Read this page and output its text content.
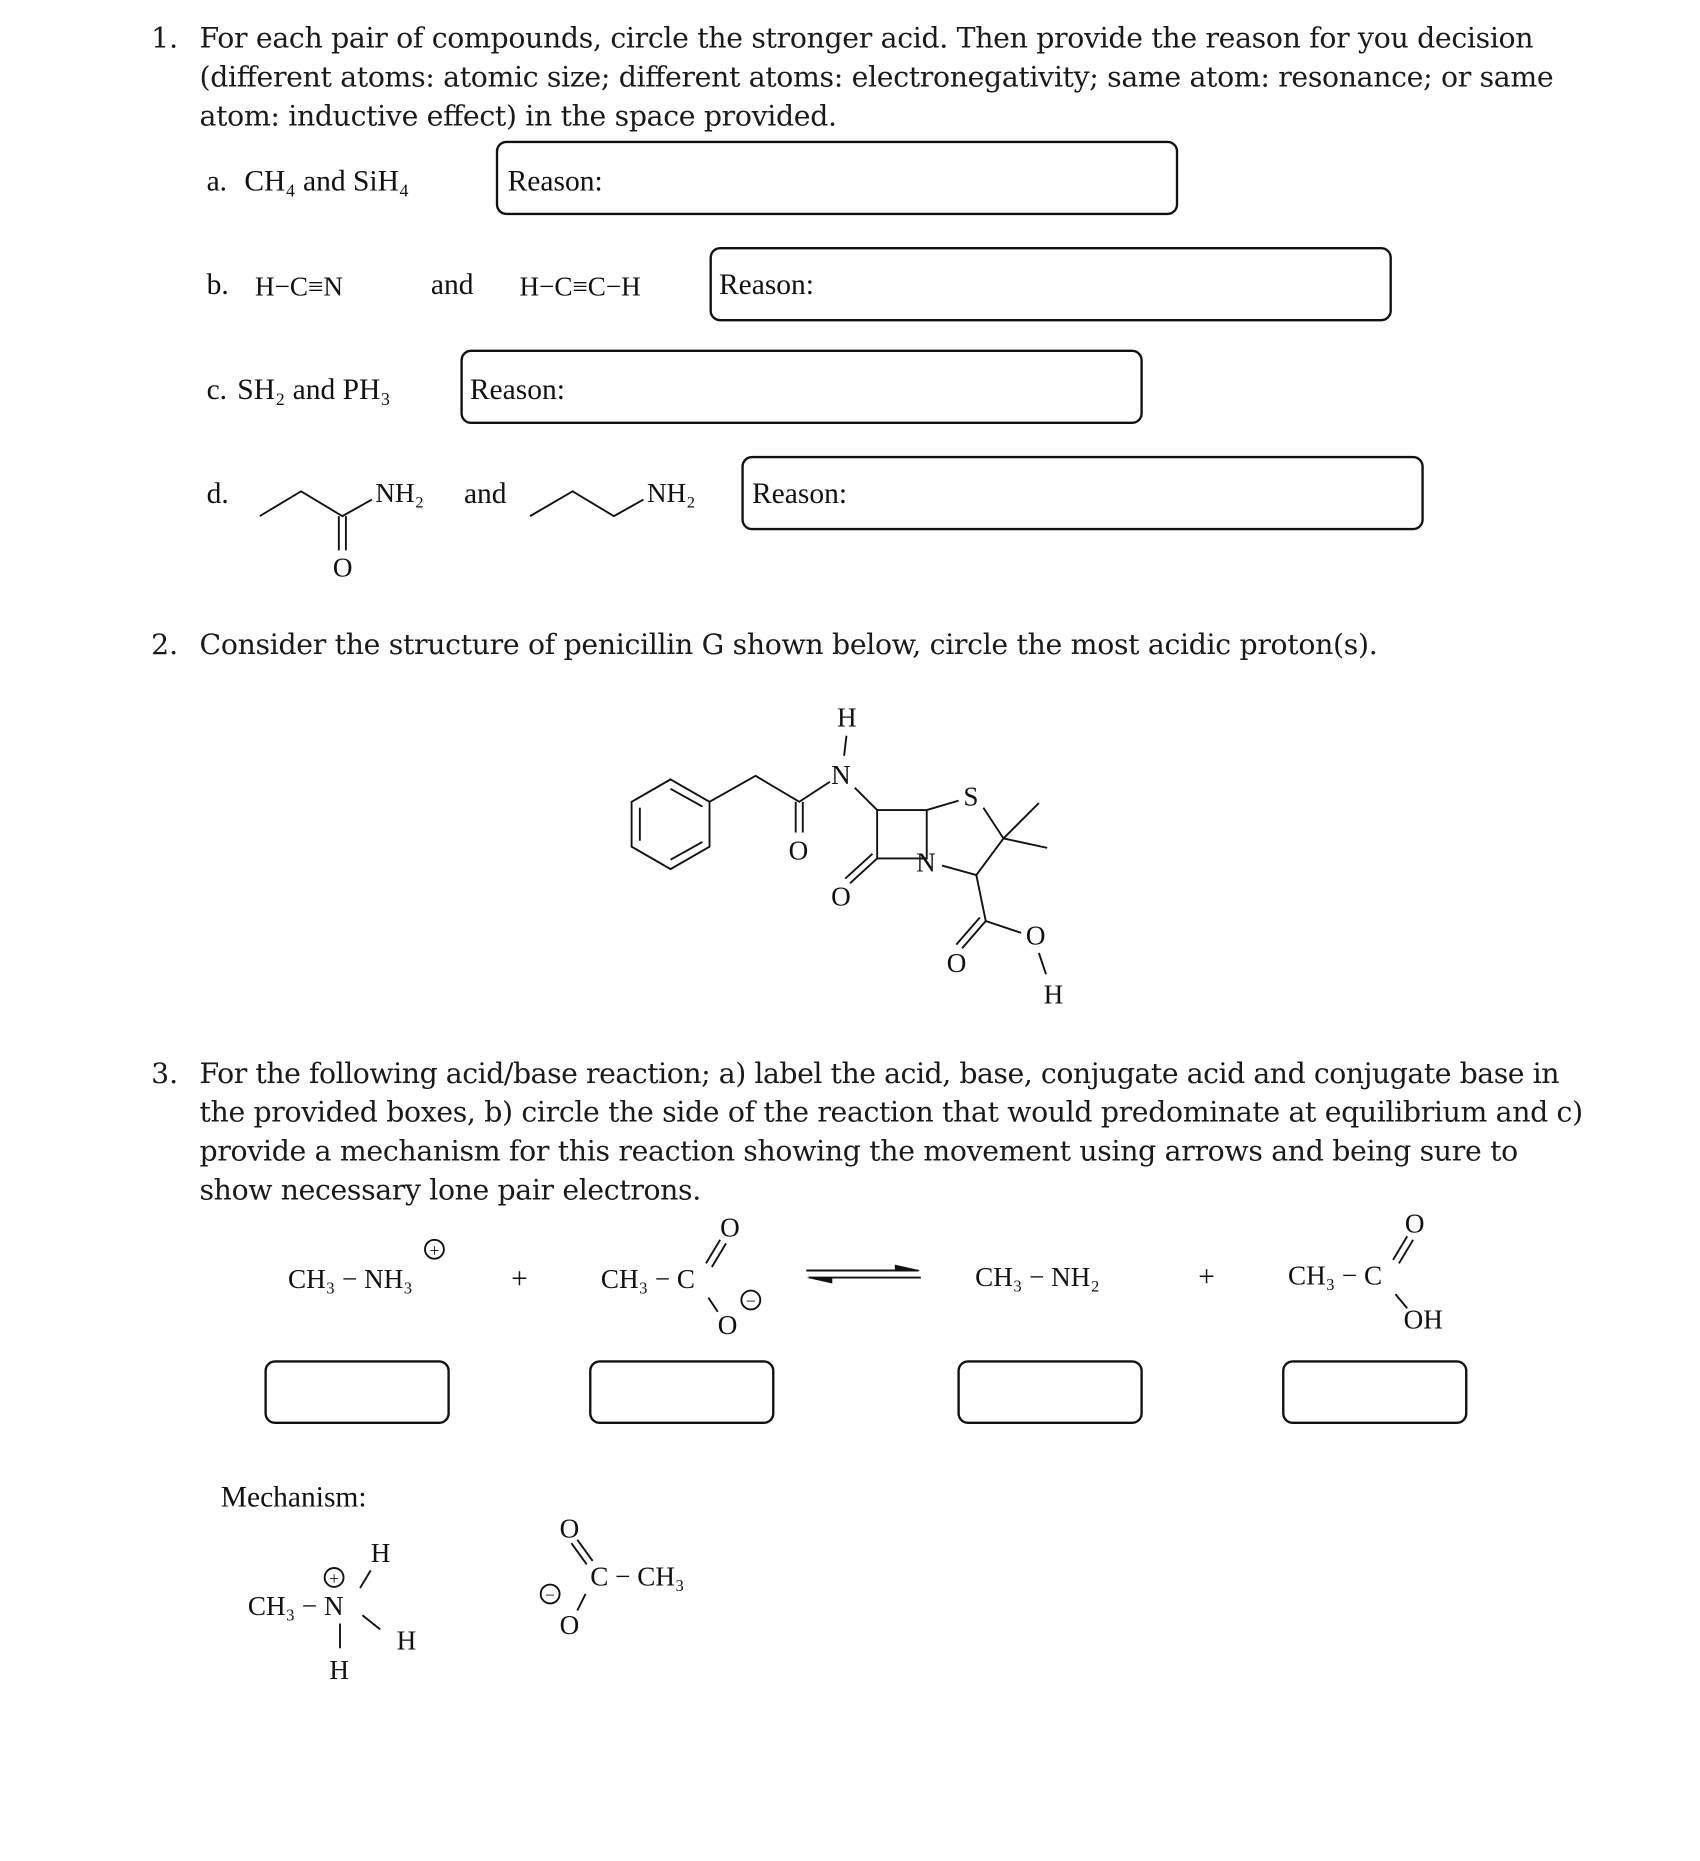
1. For each pair of compounds, circle the stronger acid. Then provide the reason for you decision
(different atoms: atomic size; different atoms: electronegativity; same atom: resonance; or same
atom: inductive effect) in the space provided.
a. CH₄ and SiH₄	Reason:
b. H−C≡N	and H−C≡C−H	Reason:
c. SH₂ and PH₃	Reason:
d.
O
NH₂ and	NH₂ Reason:
2. Consider the structure of penicillin G shown below, circle the most acidic proton(s).
O
H
N
O
N
S
O
O
H
3. For the following acid/base reaction; a) label the acid, base, conjugate acid and conjugate base in
the provided boxes, b) circle the side of the reaction that would predominate at equilibrium and c)
provide a mechanism for this reaction showing the movement using arrows and being sure to
show necessary lone pair electrons.
CH₃ − NH₃
+
+	CH₃ − C
O
O
−
CH₃ − NH₂	+	CH₃ − C
O
OH
Mechanism:
CH₃ − N
+
H
H
H
O
C − CH₃
−
O
